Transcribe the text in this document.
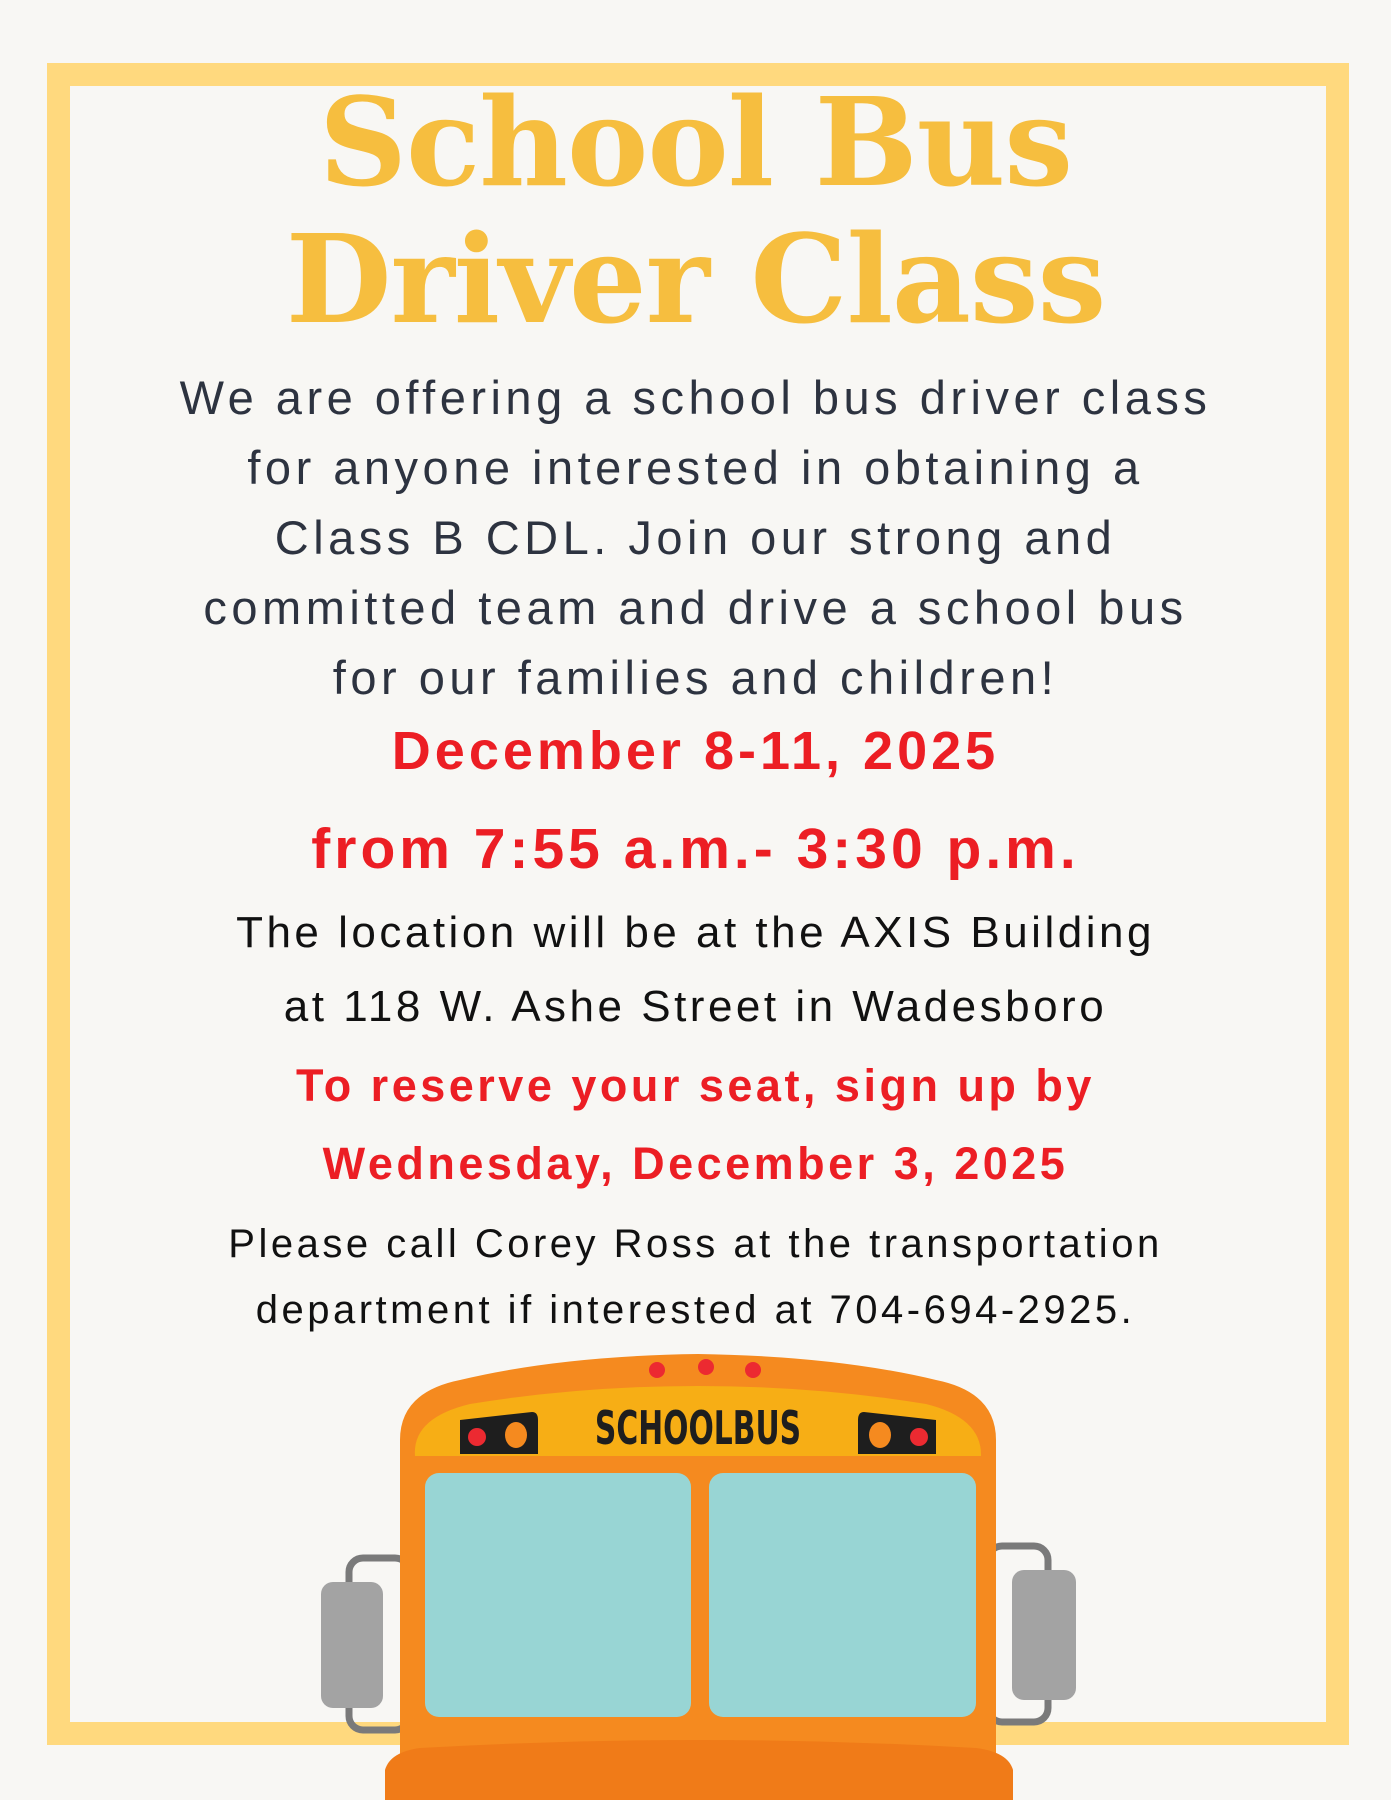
School Bus
Driver Class
We are offering a school bus driver class
for anyone interested in obtaining a
Class B CDL. Join our strong and
committed team and drive a school bus
for our families and children!
December 8-11, 2025
from 7:55 a.m.- 3:30 p.m.
The location will be at the AXIS Building
at 118 W. Ashe Street in Wadesboro
To reserve your seat, sign up by
Wednesday, December 3, 2025
Please call Corey Ross at the transportation
department if interested at 704-694-2925.
SCHOOLBUS
